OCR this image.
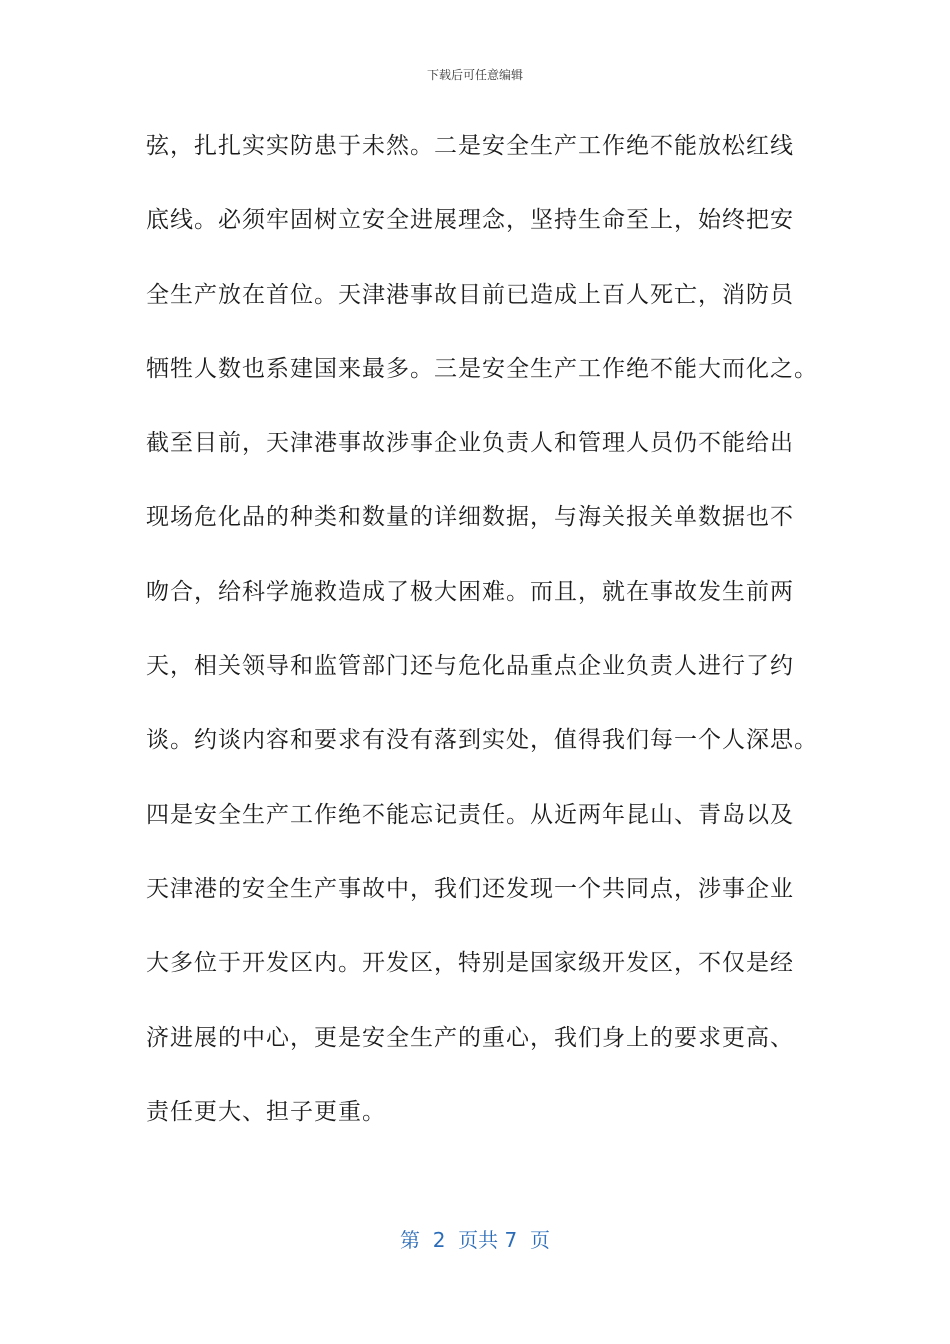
下载后可任意编辑
弦，扎扎实实防患于未然。二是安全生产工作绝不能放松红线
底线。必须牢固树立安全进展理念，坚持生命至上，始终把安
全生产放在首位。天津港事故目前已造成上百人死亡，消防员
牺牲人数也系建国来最多。三是安全生产工作绝不能大而化之。
截至目前，天津港事故涉事企业负责人和管理人员仍不能给出
现场危化品的种类和数量的详细数据，与海关报关单数据也不
吻合，给科学施救造成了极大困难。而且，就在事故发生前两
天，相关领导和监管部门还与危化品重点企业负责人进行了约
谈。约谈内容和要求有没有落到实处，值得我们每一个人深思。
四是安全生产工作绝不能忘记责任。从近两年昆山、青岛以及
天津港的安全生产事故中，我们还发现一个共同点，涉事企业
大多位于开发区内。开发区，特别是国家级开发区，不仅是经
济进展的中心，更是安全生产的重心，我们身上的要求更高、
责任更大、担子更重。
第  2  页共 7  页
